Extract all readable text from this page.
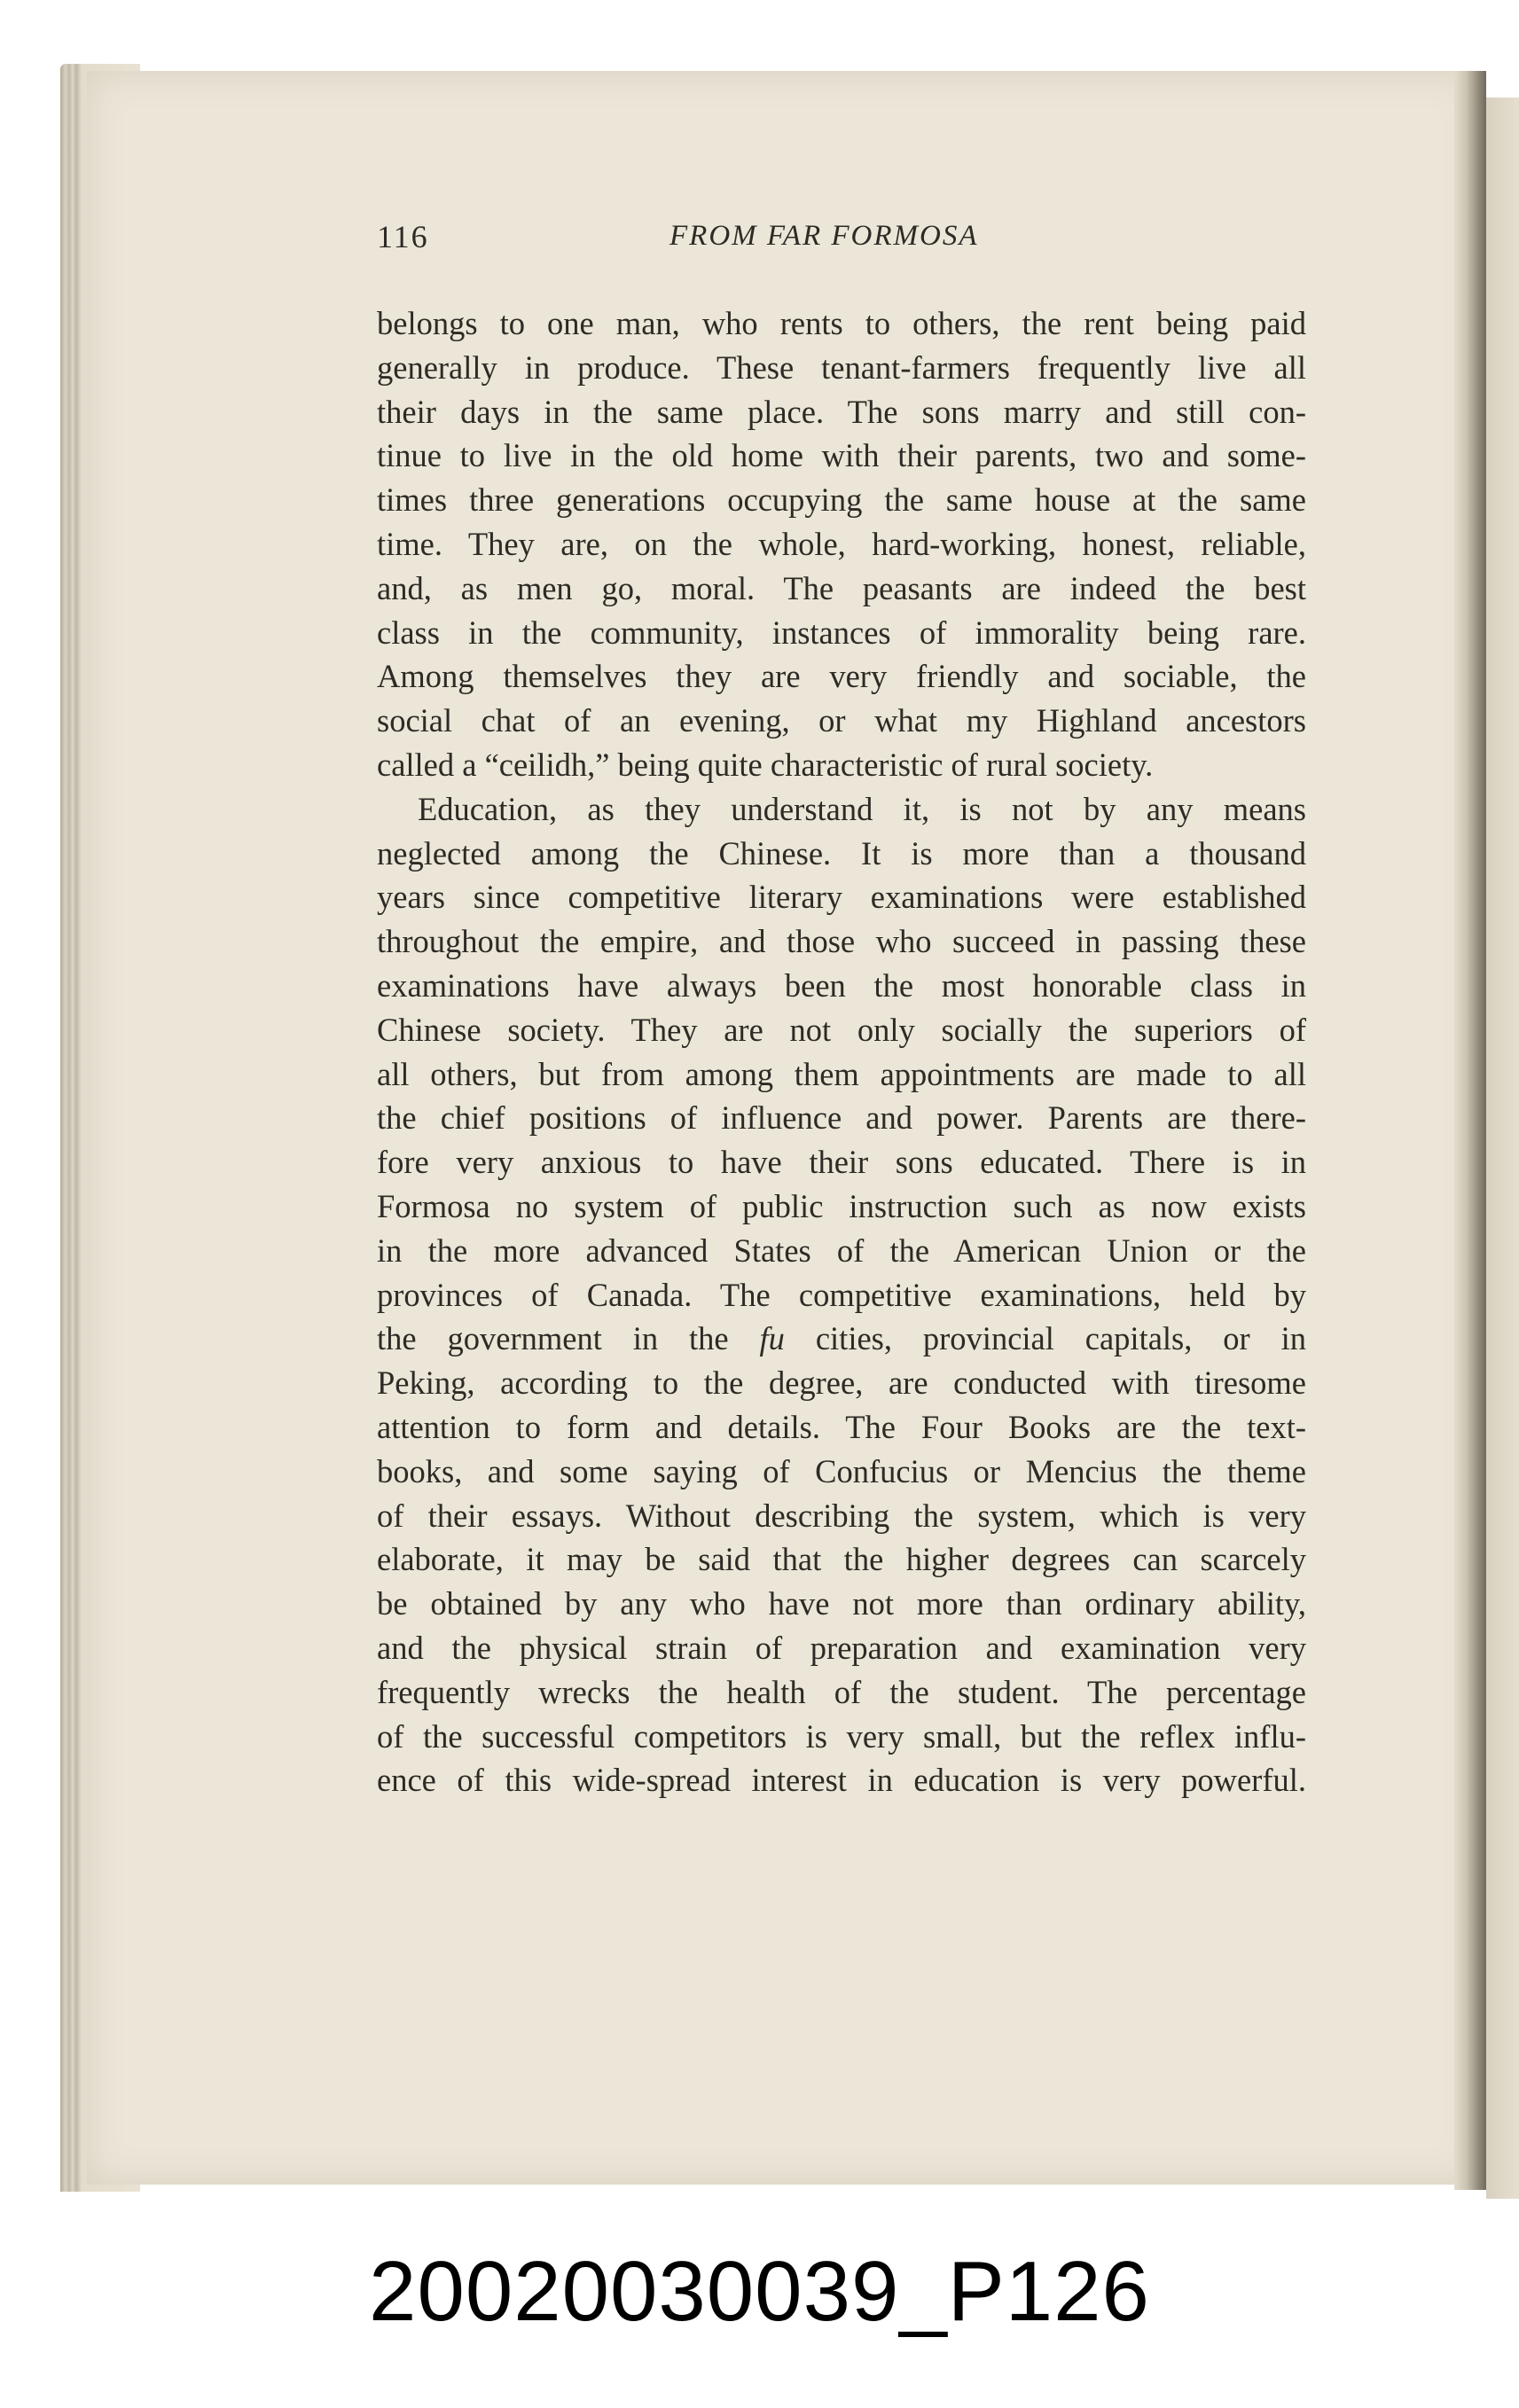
116	FROM FAR FORMOSA
belongs to one man, who rents to others, the rent being paid
generally in produce. These tenant-farmers frequently live all
their days in the same place. The sons marry and still con-
tinue to live in the old home with their parents, two and some-
times three generations occupying the same house at the same
time. They are, on the whole, hard-working, honest, reliable,
and, as men go, moral. The peasants are indeed the best
class in the community, instances of immorality being rare.
Among themselves they are very friendly and sociable, the
social chat of an evening, or what my Highland ancestors
called a “ceilidh,” being quite characteristic of rural society.
Education, as they understand it, is not by any means
neglected among the Chinese. It is more than a thousand
years since competitive literary examinations were established
throughout the empire, and those who succeed in passing these
examinations have always been the most honorable class in
Chinese society. They are not only socially the superiors of
all others, but from among them appointments are made to all
the chief positions of influence and power. Parents are there-
fore very anxious to have their sons educated. There is in
Formosa no system of public instruction such as now exists
in the more advanced States of the American Union or the
provinces of Canada. The competitive examinations, held by
the government in the fu cities, provincial capitals, or in
Peking, according to the degree, are conducted with tiresome
attention to form and details. The Four Books are the text-
books, and some saying of Confucius or Mencius the theme
of their essays. Without describing the system, which is very
elaborate, it may be said that the higher degrees can scarcely
be obtained by any who have not more than ordinary ability,
and the physical strain of preparation and examination very
frequently wrecks the health of the student. The percentage
of the successful competitors is very small, but the reflex influ-
ence of this wide-spread interest in education is very powerful.
20020030039_P126
